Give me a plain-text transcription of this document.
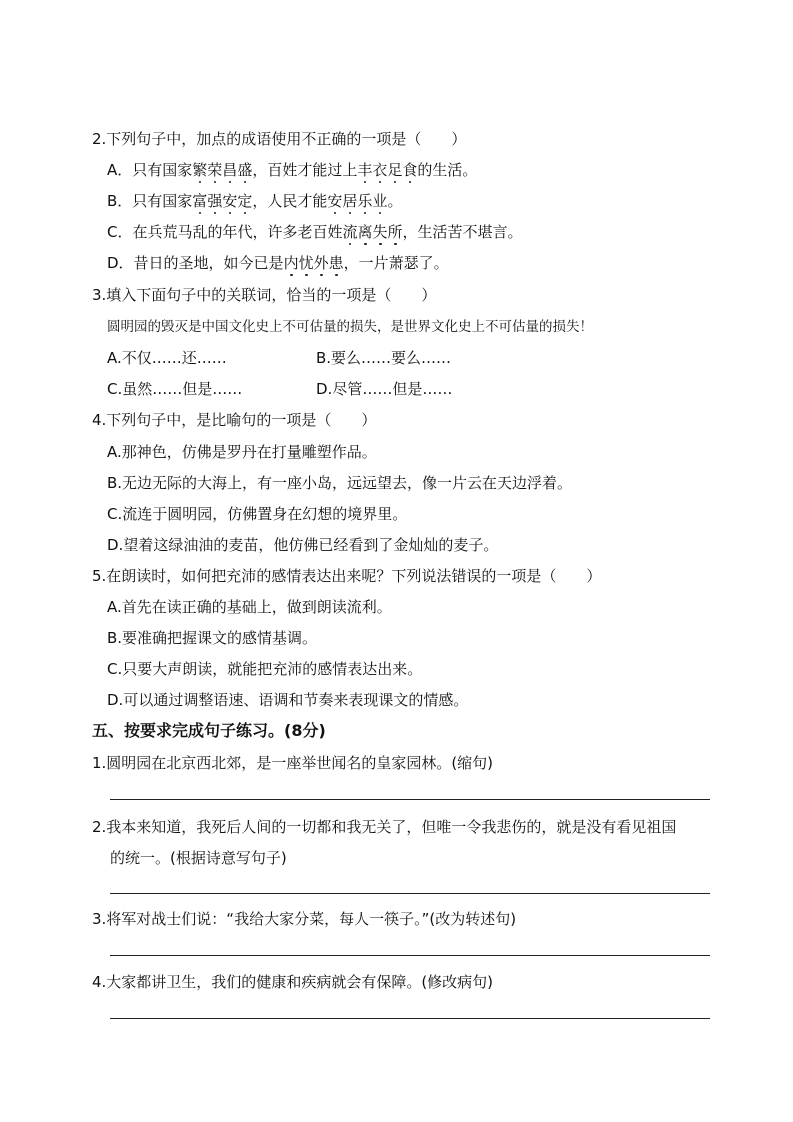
2.下列句子中，加点的成语使用不正确的一项是（　　）
A．只有国家繁荣昌盛，百姓才能过上丰衣足食的生活。
B．只有国家富强安定，人民才能安居乐业。
C．在兵荒马乱的年代，许多老百姓流离失所，生活苦不堪言。
D．昔日的圣地，如今已是内忧外患，一片萧瑟了。
3.填入下面句子中的关联词，恰当的一项是（　　）
圆明园的毁灭是中国文化史上不可估量的损失，是世界文化史上不可估量的损失！
A.不仅……还……	B.要么……要么……
C.虽然……但是……	D.尽管……但是……
4.下列句子中，是比喻句的一项是（　　）
A.那神色，仿佛是罗丹在打量雕塑作品。
B.无边无际的大海上，有一座小岛，远远望去，像一片云在天边浮着。
C.流连于圆明园，仿佛置身在幻想的境界里。
D.望着这绿油油的麦苗，他仿佛已经看到了金灿灿的麦子。
5.在朗读时，如何把充沛的感情表达出来呢？下列说法错误的一项是（　　）
A.首先在读正确的基础上，做到朗读流利。
B.要准确把握课文的感情基调。
C.只要大声朗读，就能把充沛的感情表达出来。
D.可以通过调整语速、语调和节奏来表现课文的情感。
五、按要求完成句子练习。(8分)
1.圆明园在北京西北郊，是一座举世闻名的皇家园林。(缩句)
2.我本来知道，我死后人间的一切都和我无关了，但唯一令我悲伤的，就是没有看见祖国
的统一。(根据诗意写句子)
3.将军对战士们说：“我给大家分菜，每人一筷子。”(改为转述句)
4.大家都讲卫生，我们的健康和疾病就会有保障。(修改病句)
